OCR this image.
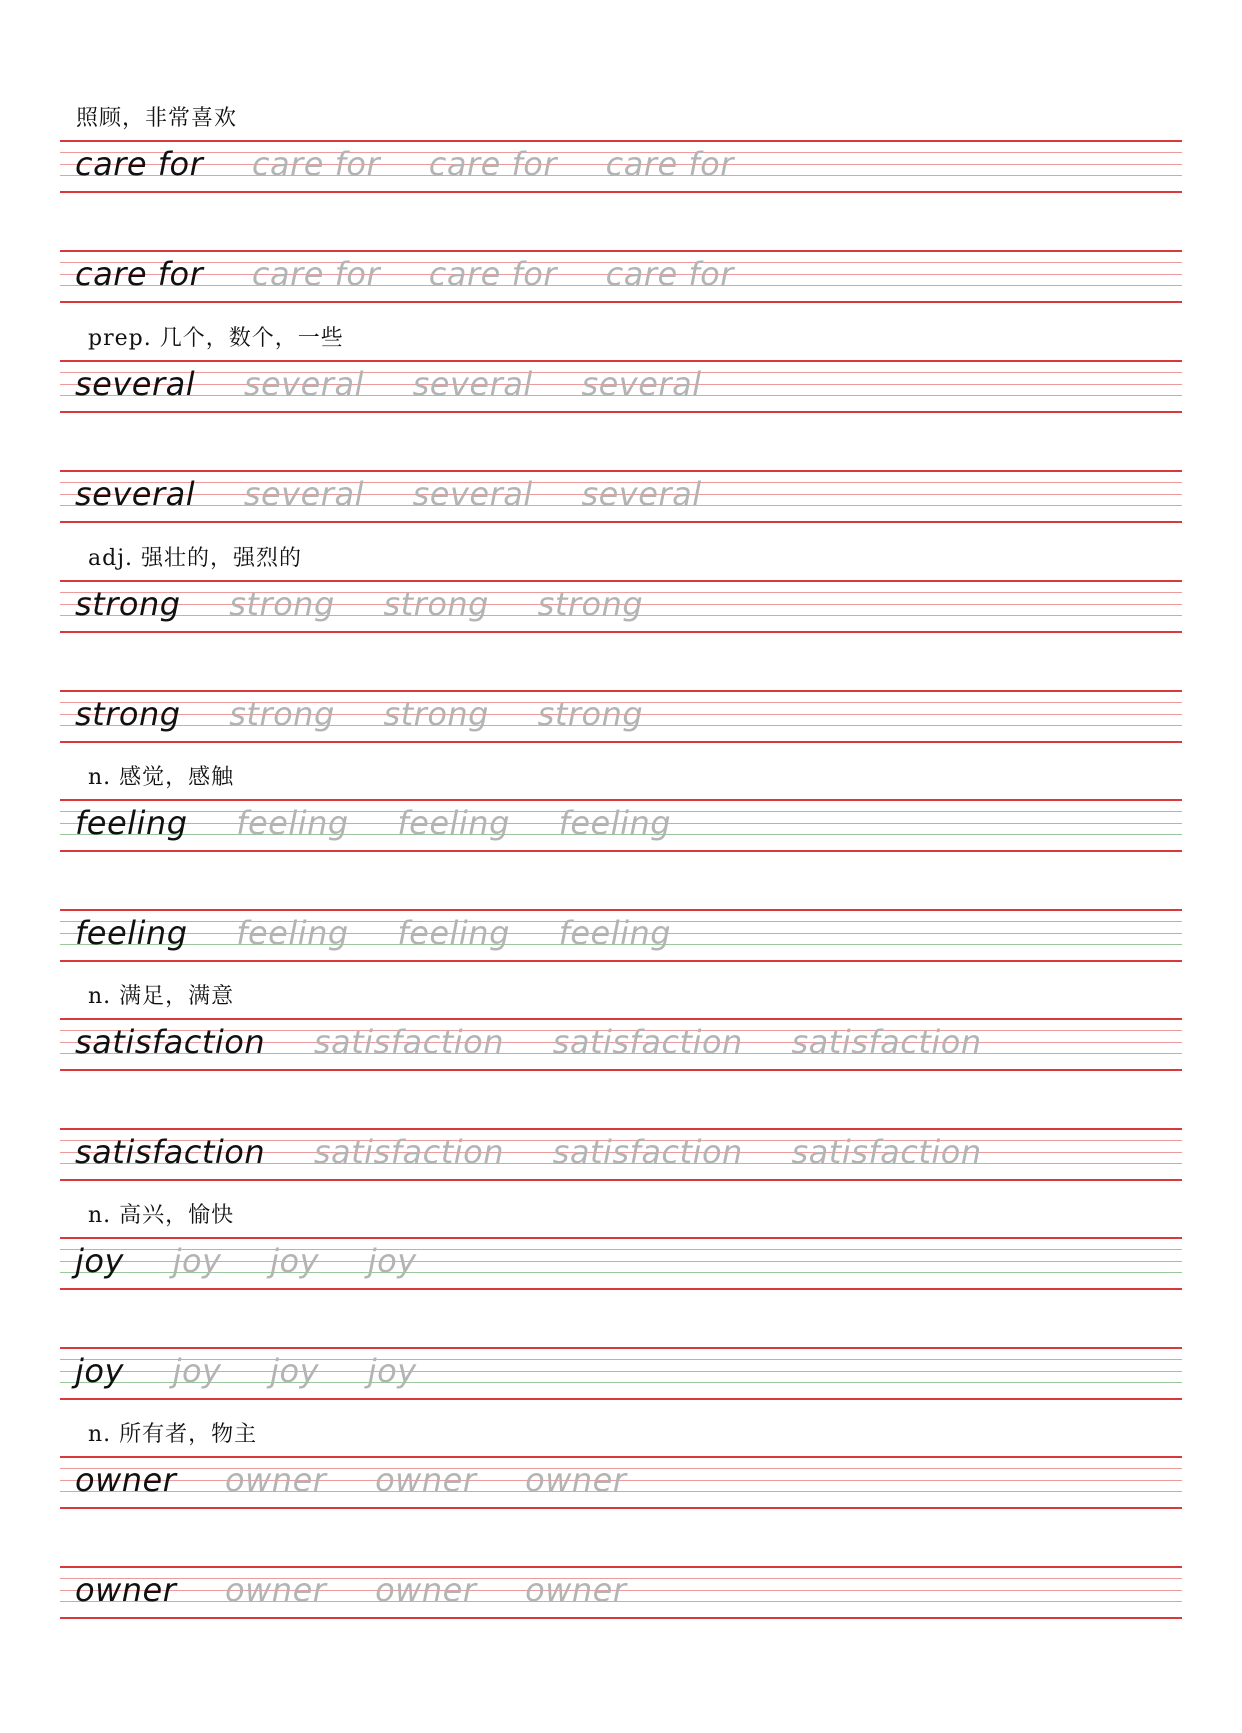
照顾，非常喜欢
care for care for care for care for
care for care for care for care for
prep. 几个，数个，一些
several several several several
several several several several
adj. 强壮的，强烈的
strong strong strong strong
strong strong strong strong
n. 感觉，感触
feeling feeling feeling feeling
feeling feeling feeling feeling
n. 满足，满意
satisfaction satisfaction satisfaction satisfaction
satisfaction satisfaction satisfaction satisfaction
n. 高兴，愉快
joy joy joy joy
joy joy joy joy
n. 所有者，物主
owner owner owner owner
owner owner owner owner
